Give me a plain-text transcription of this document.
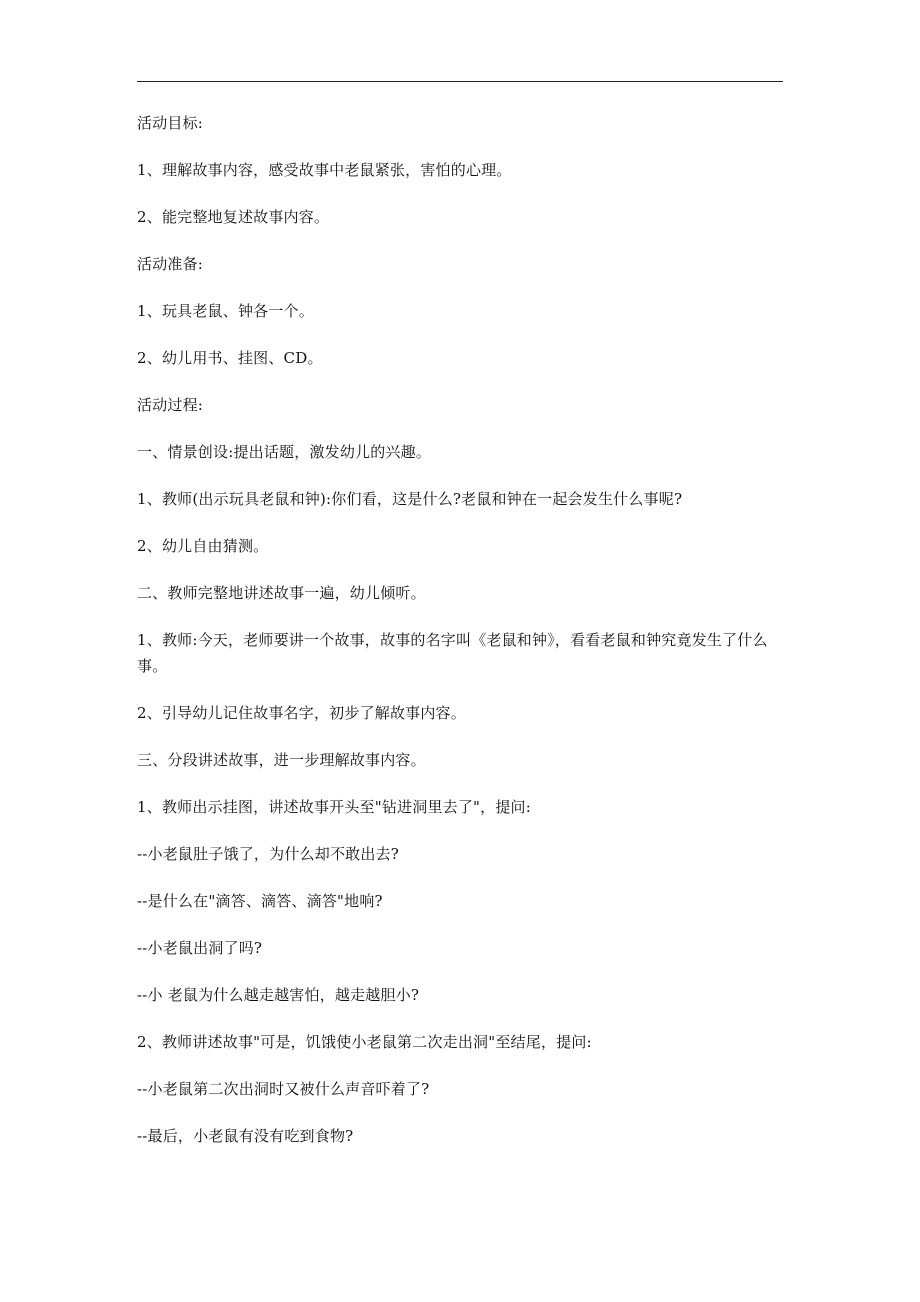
活动目标:

1、理解故事内容，感受故事中老鼠紧张，害怕的心理。

2、能完整地复述故事内容。

活动准备:

1、玩具老鼠、钟各一个。

2、幼儿用书、挂图、CD。

活动过程:

一、情景创设:提出话题，激发幼儿的兴趣。

1、教师(出示玩具老鼠和钟):你们看，这是什么?老鼠和钟在一起会发生什么事呢?

2、幼儿自由猜测。

二、教师完整地讲述故事一遍，幼儿倾听。

1、教师:今天，老师要讲一个故事，故事的名字叫《老鼠和钟》，看看老鼠和钟究竟发生了什么事。

2、引导幼儿记住故事名字，初步了解故事内容。

三、分段讲述故事，进一步理解故事内容。

1、教师出示挂图，讲述故事开头至"钻进洞里去了"，提问:

--小老鼠肚子饿了，为什么却不敢出去?

--是什么在"滴答、滴答、滴答"地响?

--小老鼠出洞了吗?

--小 老鼠为什么越走越害怕，越走越胆小?

2、教师讲述故事"可是，饥饿使小老鼠第二次走出洞"至结尾，提问:

--小老鼠第二次出洞时又被什么声音吓着了?

--最后，小老鼠有没有吃到食物?
